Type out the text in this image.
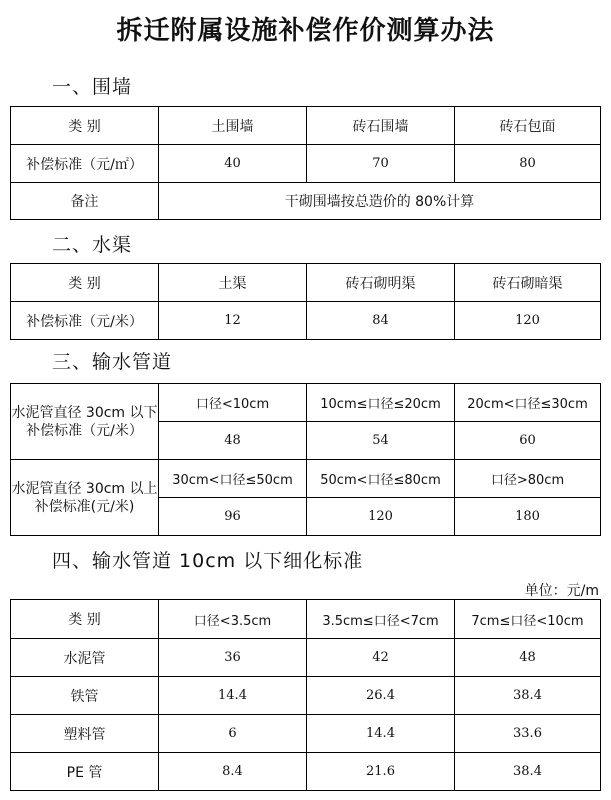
拆迁附属设施补偿作价测算办法
一、围墙
类 别	土围墙	砖石围墙	砖石包面
补偿标准（元/㎡）	40	70	80
备注	干砌围墙按总造价的 80%计算		
二、水渠
类 别	土渠	砖石砌明渠	砖石砌暗渠
补偿标准（元/米）	12	84	120
三、输水管道
水泥管直径 30cm 以下补偿标准（元/米）	口径<10cm	10cm≤口径≤20cm	20cm<口径≤30cm
	48	54	60
水泥管直径 30cm 以上补偿标准(元/米)	30cm<口径≤50cm	50cm<口径≤80cm	口径>80cm
	96	120	180
四、输水管道 10cm 以下细化标准
单位：元/m
类 别	口径<3.5cm	3.5cm≤口径<7cm	7cm≤口径<10cm
水泥管	36	42	48
铁管	14.4	26.4	38.4
塑料管	6	14.4	33.6
PE 管	8.4	21.6	38.4
